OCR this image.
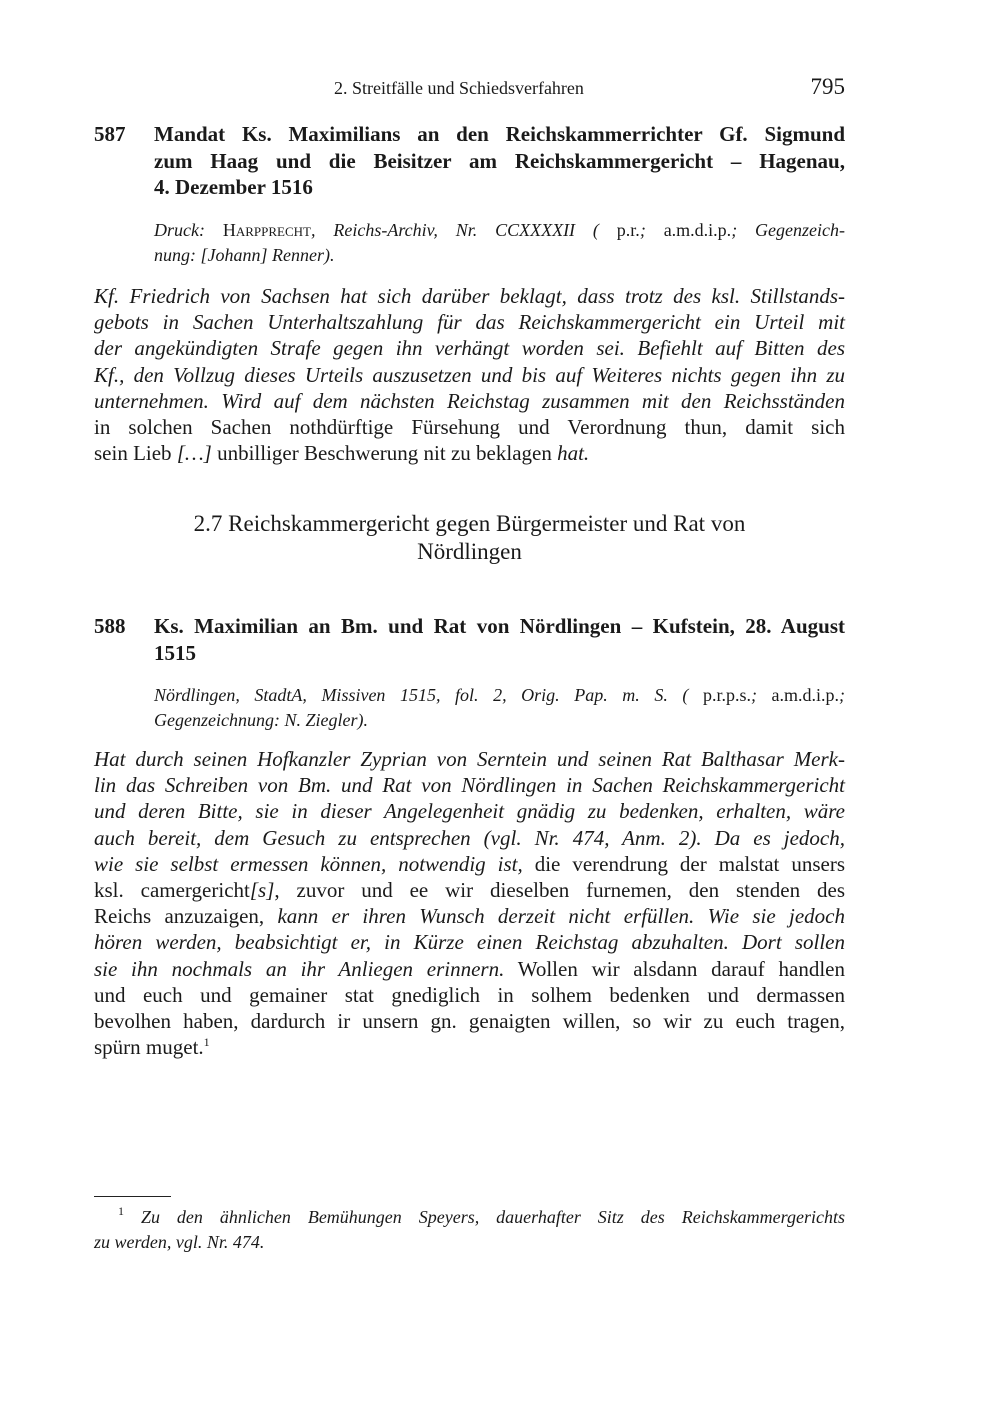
2. Streitfälle und Schiedsverfahren	795
587 Mandat Ks. Maximilians an den Reichskammerrichter Gf. Sigmund
zum Haag und die Beisitzer am Reichskammergericht – Hagenau,
4. Dezember 1516
Druck: Harpprecht, Reichs-Archiv, Nr. CCXXXXII ( p.r.; a.m.d.i.p.; Gegenzeich-
nung: [Johann] Renner).
Kf. Friedrich von Sachsen hat sich darüber beklagt, dass trotz des ksl. Stillstands-
gebots in Sachen Unterhaltszahlung für das Reichskammergericht ein Urteil mit
der angekündigten Strafe gegen ihn verhängt worden sei. Befiehlt auf Bitten des
Kf., den Vollzug dieses Urteils auszusetzen und bis auf Weiteres nichts gegen ihn zu
unternehmen. Wird auf dem nächsten Reichstag zusammen mit den Reichsständen
in solchen Sachen nothdürftige Fürsehung und Verordnung thun, damit sich
sein Lieb […] unbilliger Beschwerung nit zu beklagen hat.
2.7 Reichskammergericht gegen Bürgermeister und Rat von
Nördlingen
588 Ks. Maximilian an Bm. und Rat von Nördlingen – Kufstein, 28. August
1515
Nördlingen, StadtA, Missiven 1515, fol. 2, Orig. Pap. m. S. ( p.r.p.s.; a.m.d.i.p.;
Gegenzeichnung: N. Ziegler).
Hat durch seinen Hofkanzler Zyprian von Serntein und seinen Rat Balthasar Merk-
lin das Schreiben von Bm. und Rat von Nördlingen in Sachen Reichskammergericht
und deren Bitte, sie in dieser Angelegenheit gnädig zu bedenken, erhalten, wäre
auch bereit, dem Gesuch zu entsprechen (vgl. Nr. 474, Anm. 2). Da es jedoch,
wie sie selbst ermessen können, notwendig ist, die verendrung der malstat unsers
ksl. camergericht[s], zuvor und ee wir dieselben furnemen, den stenden des
Reichs anzuzaigen, kann er ihren Wunsch derzeit nicht erfüllen. Wie sie jedoch
hören werden, beabsichtigt er, in Kürze einen Reichstag abzuhalten. Dort sollen
sie ihn nochmals an ihr Anliegen erinnern. Wollen wir alsdann darauf handlen
und euch und gemainer stat gnediglich in solhem bedenken und dermassen
bevolhen haben, dardurch ir unsern gn. genaigten willen, so wir zu euch tragen,
spürn muget.$^1$
$^1$ Zu den ähnlichen Bemühungen Speyers, dauerhafter Sitz des Reichskammergerichts
zu werden, vgl. Nr. 474.
